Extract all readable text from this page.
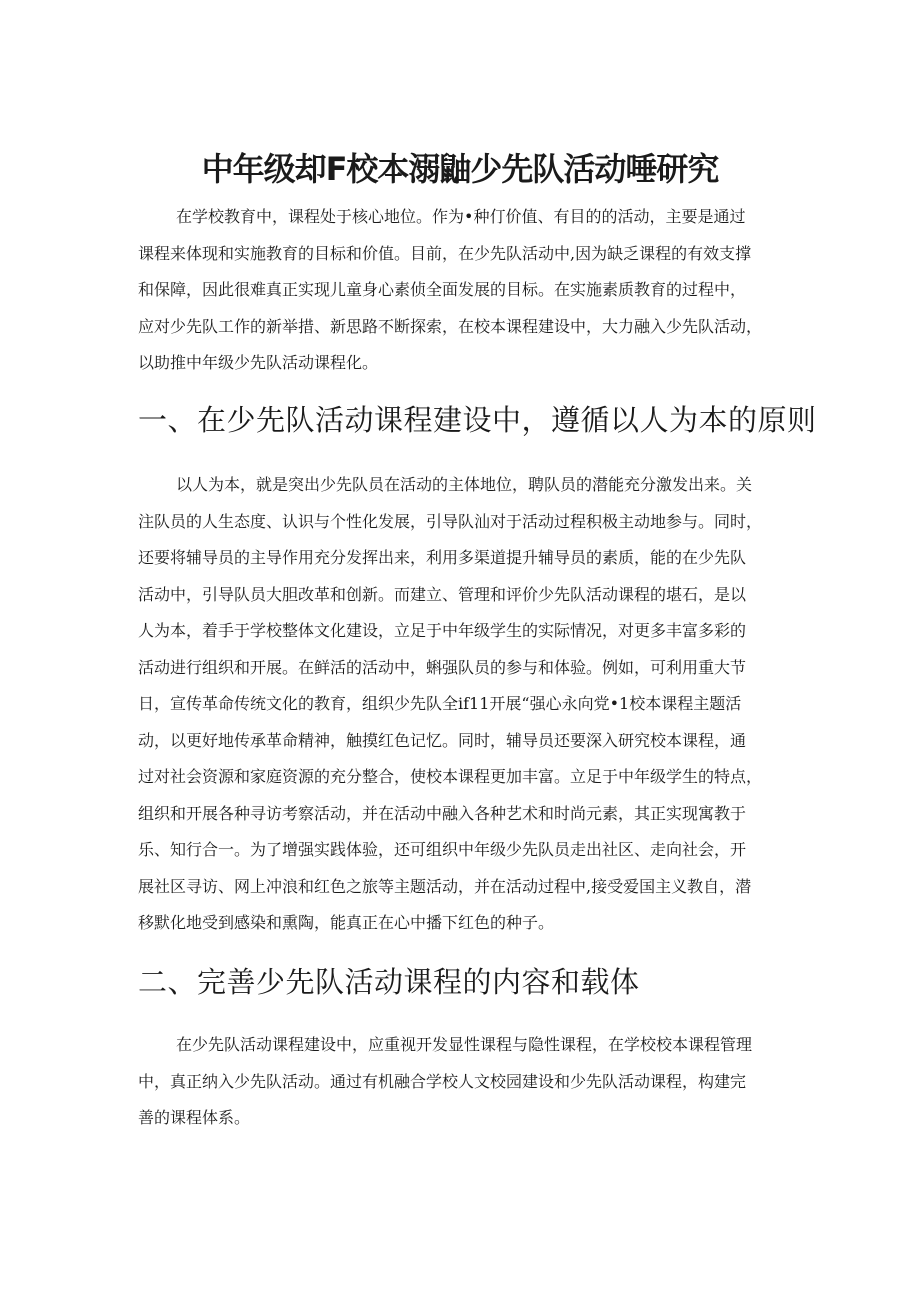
中年级却F校本溺鼬少先队活动唾研究

在学校教育中，课程处于核心地位。作为•种仃价值、有目的的活动，主要是通过
课程来体现和实施教育的目标和价值。目前，在少先队活动中,因为缺乏课程的有效支撑
和保障，因此很难真正实现儿童身心素侦全面发展的目标。在实施素质教育的过程中，
应对少先队工作的新举措、新思路不断探索，在校本课程建设中，大力融入少先队活动，
以助推中年级少先队活动课程化。

一、在少先队活动课程建设中，遵循以人为本的原则

以人为本，就是突出少先队员在活动的主体地位，聘队员的潜能充分激发出来。关
注队员的人生态度、认识与个性化发展，引导队汕对于活动过程积极主动地参与。同时，
还要将辅导员的主导作用充分发挥出来，利用多渠道提升辅导员的素质，能的在少先队
活动中，引导队员大胆改革和创新。而建立、管理和评价少先队活动课程的堪石，是以
人为本，着手于学校整体文化建设，立足于中年级学生的实际情况，对更多丰富多彩的
活动进行组织和开展。在鲜活的活动中，蝌强队员的参与和体验。例如，可利用重大节
日，宣传革命传统文化的教育，组织少先队全if11开展“强心永向党•1校本课程主题活
动，以更好地传承革命精神，触摸红色记忆。同时，辅导员还要深入研究校本课程，通
过对社会资源和家庭资源的充分整合，使校本课程更加丰富。立足于中年级学生的特点，
组织和开展各种寻访考察活动，并在活动中融入各种艺术和时尚元素，其正实现寓教于
乐、知行合一。为了增强实践体验，还可组织中年级少先队员走出社区、走向社会，开
展社区寻访、网上冲浪和红色之旅等主题活动，并在活动过程中,接受爱国主义教自，潜
移默化地受到感染和熏陶，能真正在心中播下红色的种子。

二、完善少先队活动课程的内容和载体

在少先队活动课程建设中，应重视开发显性课程与隐性课程，在学校校本课程管理
中，真正纳入少先队活动。通过有机融合学校人文校园建设和少先队活动课程，构建完
善的课程体系。
